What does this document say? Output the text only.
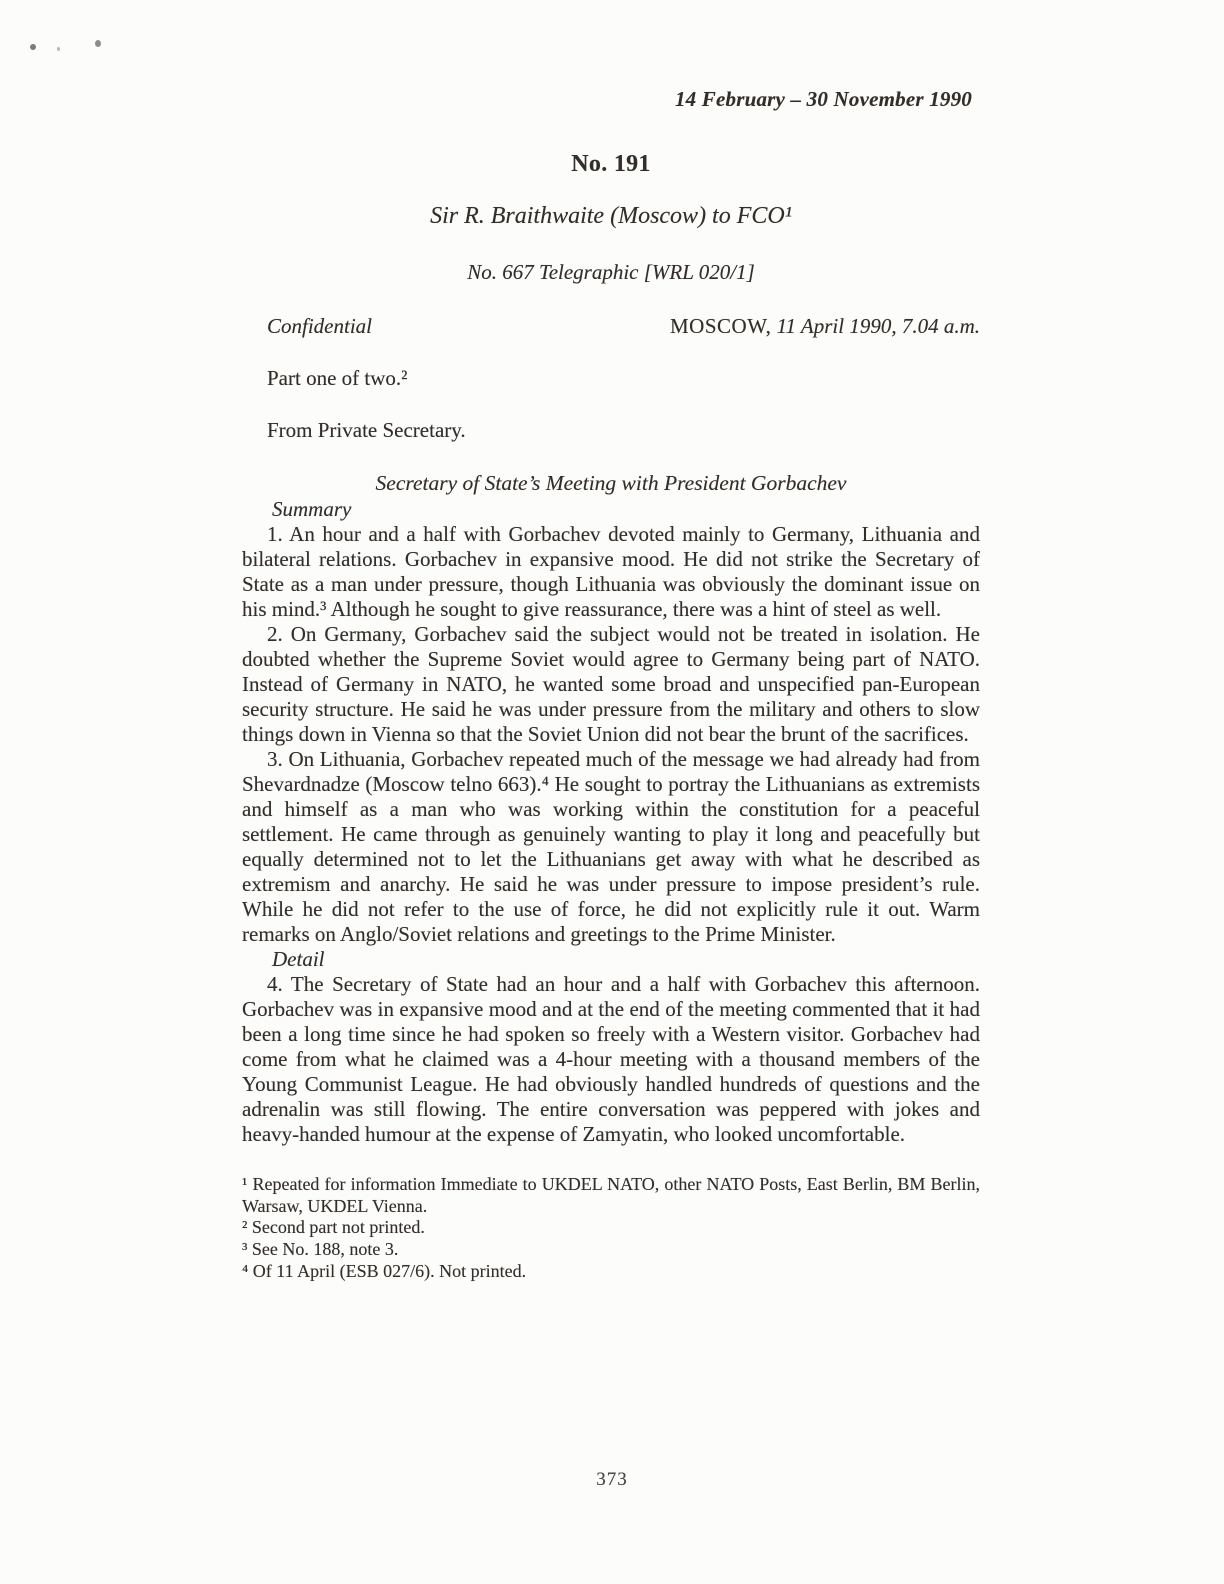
14 February – 30 November 1990
No. 191
Sir R. Braithwaite (Moscow) to FCO¹
No. 667 Telegraphic [WRL 020/1]
Confidential	MOSCOW, 11 April 1990, 7.04 a.m.

Part one of two.²

From Private Secretary.

Secretary of State’s Meeting with President Gorbachev
Summary

1. An hour and a half with Gorbachev devoted mainly to Germany, Lithuania and bilateral relations. Gorbachev in expansive mood. He did not strike the Secretary of State as a man under pressure, though Lithuania was obviously the dominant issue on his mind.³ Although he sought to give reassurance, there was a hint of steel as well.

2. On Germany, Gorbachev said the subject would not be treated in isolation. He doubted whether the Supreme Soviet would agree to Germany being part of NATO. Instead of Germany in NATO, he wanted some broad and unspecified pan-European security structure. He said he was under pressure from the military and others to slow things down in Vienna so that the Soviet Union did not bear the brunt of the sacrifices.

3. On Lithuania, Gorbachev repeated much of the message we had already had from Shevardnadze (Moscow telno 663).⁴ He sought to portray the Lithuanians as extremists and himself as a man who was working within the constitution for a peaceful settlement. He came through as genuinely wanting to play it long and peacefully but equally determined not to let the Lithuanians get away with what he described as extremism and anarchy. He said he was under pressure to impose president’s rule. While he did not refer to the use of force, he did not explicitly rule it out. Warm remarks on Anglo/Soviet relations and greetings to the Prime Minister.

Detail

4. The Secretary of State had an hour and a half with Gorbachev this afternoon. Gorbachev was in expansive mood and at the end of the meeting commented that it had been a long time since he had spoken so freely with a Western visitor. Gorbachev had come from what he claimed was a 4-hour meeting with a thousand members of the Young Communist League. He had obviously handled hundreds of questions and the adrenalin was still flowing. The entire conversation was peppered with jokes and heavy-handed humour at the expense of Zamyatin, who looked uncomfortable.

¹ Repeated for information Immediate to UKDEL NATO, other NATO Posts, East Berlin, BM Berlin, Warsaw, UKDEL Vienna.

² Second part not printed.

³ See No. 188, note 3.

⁴ Of 11 April (ESB 027/6). Not printed.

373
